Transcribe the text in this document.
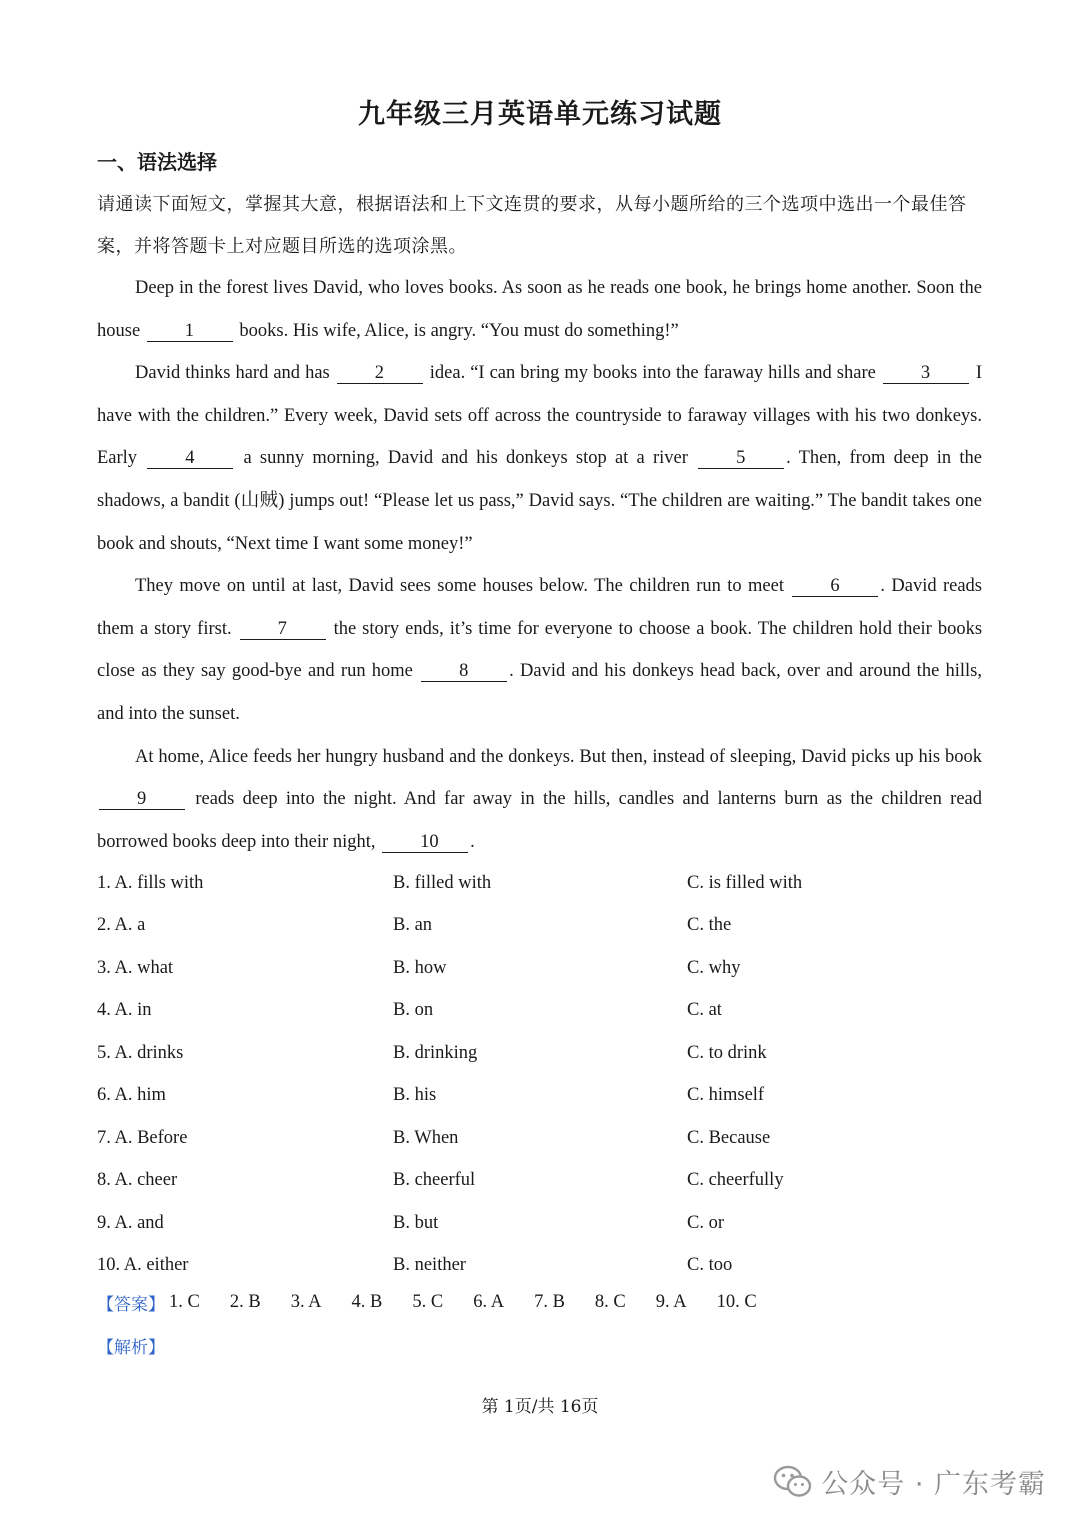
九年级三月英语单元练习试题
一、语法选择
请通读下面短文，掌握其大意，根据语法和上下文连贯的要求，从每小题所给的三个选项中选出一个最佳答案，并将答题卡上对应题目所选的选项涂黑。

Deep in the forest lives David, who loves books. As soon as he reads one book, he brings home another. Soon the house 1 books. His wife, Alice, is angry. “You must do something!”

David thinks hard and has 2 idea. “I can bring my books into the faraway hills and share 3 I have with the children.” Every week, David sets off across the countryside to faraway villages with his two donkeys. Early	4	a sunny morning, David and his donkeys stop at a river	5 . Then, from deep in the shadows, a bandit (山贼) jumps out! “Please let us pass,” David says. “The children are waiting.” The bandit takes one book and shouts, “Next time I want some money!”

They move on until at last, David sees some houses below. The children run to meet	6 . David reads them a story first. 7	the story ends, it’s time for everyone to choose a book. The children hold their books close as they say good-bye and run home 8 . David and his donkeys head back, over and around the hills, and into the sunset.

At home, Alice feeds her hungry husband and the donkeys. But then, instead of sleeping, David picks up his book 9	reads deep into the night. And far away in the hills, candles and lanterns burn as the children read borrowed books deep into their night, 10 .

1. A. fills with	B. filled with	C. is filled with
2. A. a	B. an	C. the
3. A. what	B. how	C. why
4. A. in	B. on	C. at
5. A. drinks	B. drinking	C. to drink
6. A. him	B. his	C. himself
7. A. Before	B. When	C. Because
8. A. cheer	B. cheerful	C. cheerfully
9. A. and	B. but	C. or
10. A. either	B. neither	C. too
【答案】 1. C 2. B 3. A 4. B 5. C 6. A 7. B 8. C 9. A 10. C
【解析】
第 1页/共 16页
公众号 · 广东考霸
